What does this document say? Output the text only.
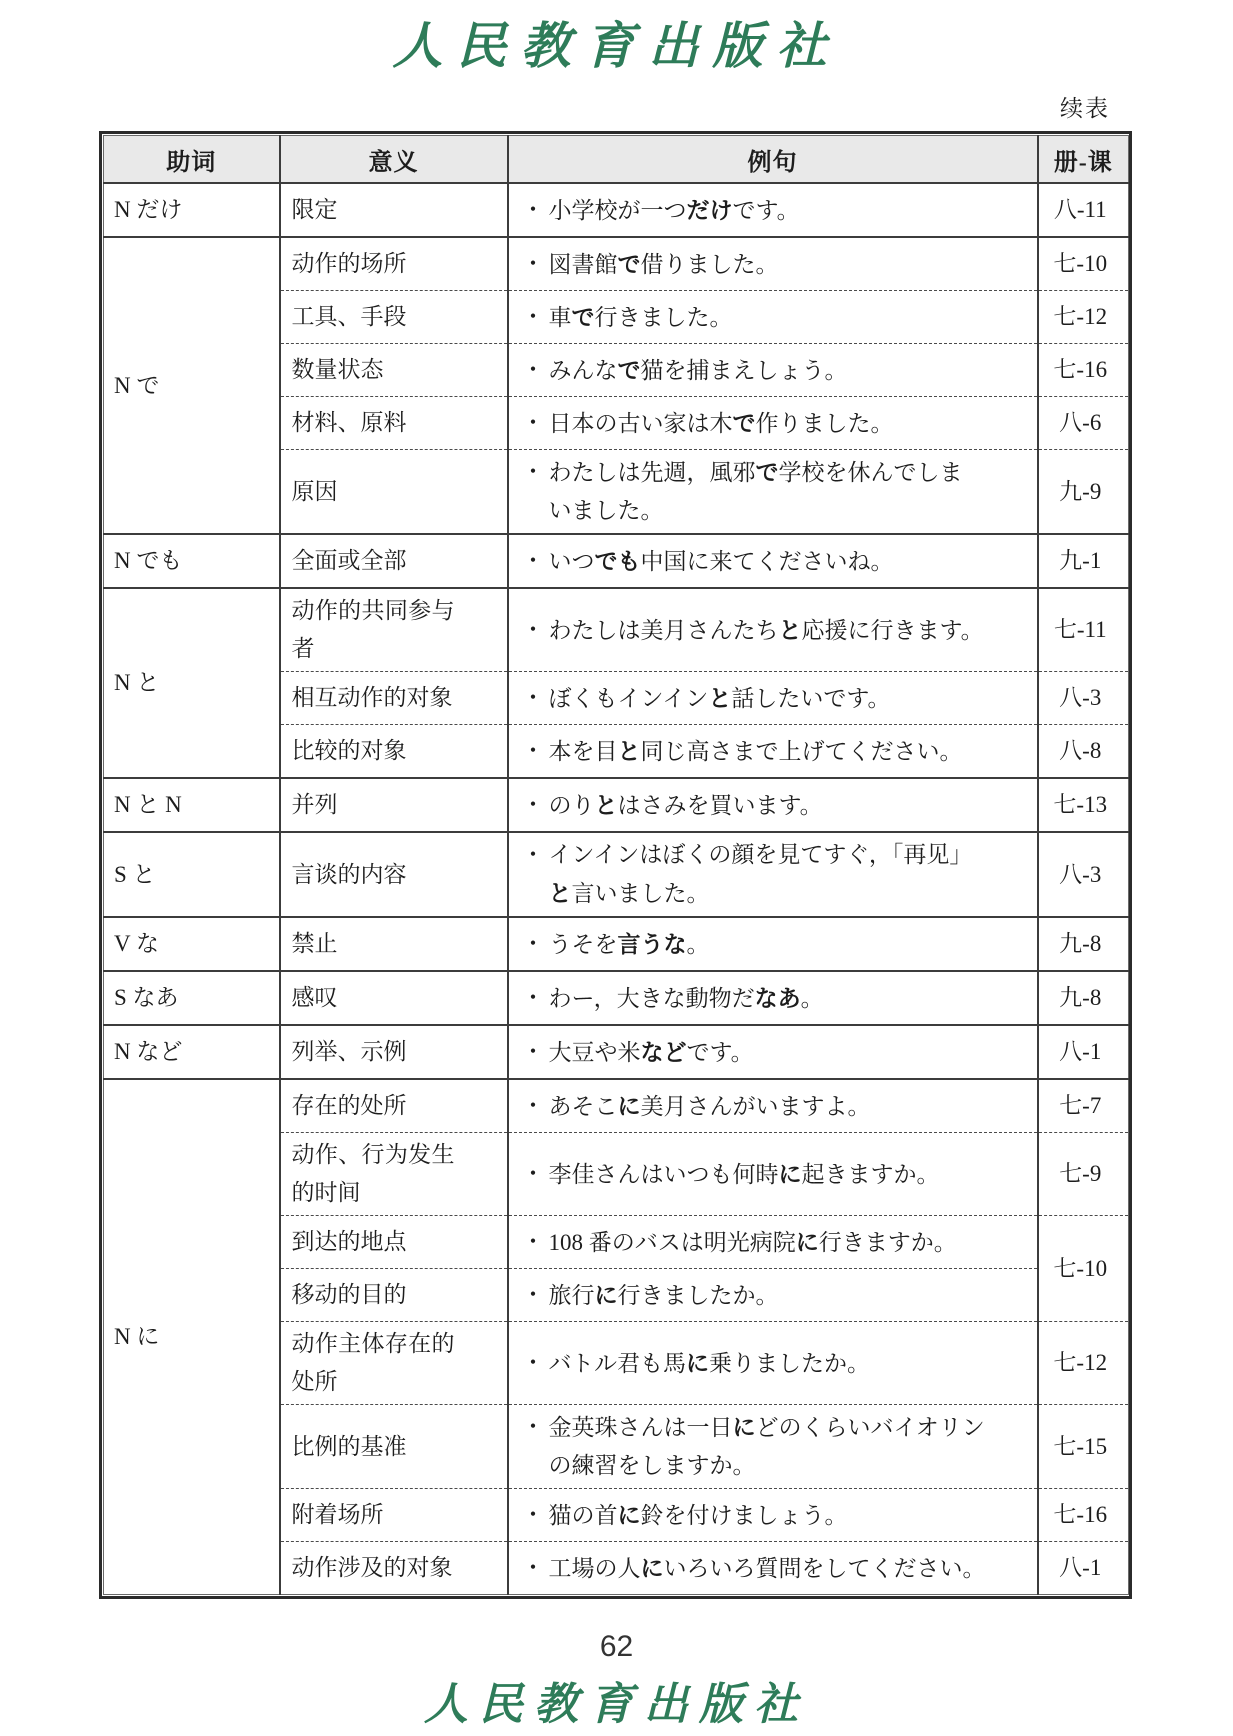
人民教育出版社
续表
助词	意义	例句	册-课
N だけ	限定	・ 小学校が一つだけです。	八-11
N で	动作的场所	・ 図書館で借りました。	七-10

	工具、手段	・ 車で行きました。	七-12

	数量状态	・ みんなで猫を捕まえしょう。	七-16

	材料、原料	・ 日本の古い家は木で作りました。	八-6

	原因	・ わたしは先週，風邪で学校を休んでしま
いました。	九-9
N でも	全面或全部	・ いつでも中国に来てくださいね。	九-1
N と	动作的共同参与者	・ わたしは美月さんたちと応援に行きます。	七-11

	相互动作的对象	・ ぼくもインインと話したいです。	八-3

	比较的对象	・ 本を目と同じ高さまで上げてください。	八-8
N と N	并列	・ のりとはさみを買います。	七-13
S と	言谈的内容	・ インインはぼくの顔を見てすぐ，「再见」
と言いました。	八-3
V な	禁止	・ うそを言うな。	九-8
S なあ	感叹	・ わー，大きな動物だなあ。	九-8
N など	列举、示例	・ 大豆や米などです。	八-1
N に	存在的处所	・ あそこに美月さんがいますよ。	七-7

	动作、行为发生的时间	・ 李佳さんはいつも何時に起きますか。	七-9

	到达的地点	・ 108 番のバスは明光病院に行きますか。	七-10

	移动的目的	・ 旅行に行きましたか。	

	动作主体存在的处所	・ バトル君も馬に乗りましたか。	七-12

	比例的基准	・ 金英珠さんは一日にどのくらいバイオリン
の練習をしますか。	七-15

	附着场所	・ 猫の首に鈴を付けましょう。	七-16

	动作涉及的对象	・ 工場の人にいろいろ質問をしてください。	八-1
62
人民教育出版社
